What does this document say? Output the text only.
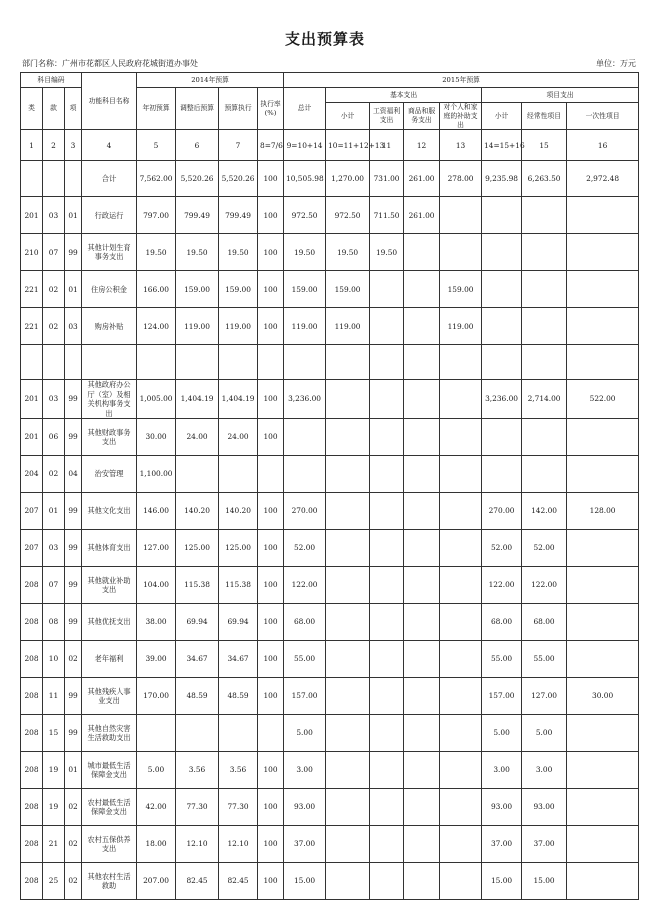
支出预算表
部门名称：广州市花都区人民政府花城街道办事处	单位：万元
科目编码			功能科目名称	2014年预算				2015年预算							
类	款	项		年初预算	调整后预算	预算执行	执行率(%)	总计	基本支出				项目支出		
									小计	工资福利支出	商品和服务支出	对个人和家庭的补助支出	小计	经常性项目	一次性项目
1	2	3	4	5	6	7	8=7/6	9=10+14	10=11+12+13	11	12	13	14=15+16	15	16
			合计	7,562.00	5,520.26	5,520.26	100	10,505.98	1,270.00	731.00	261.00	278.00	9,235.98	6,263.50	2,972.48
201	03	01	行政运行	797.00	799.49	799.49	100	972.50	972.50	711.50	261.00				
210	07	99	其他计划生育事务支出	19.50	19.50	19.50	100	19.50	19.50	19.50					
221	02	01	住房公积金	166.00	159.00	159.00	100	159.00	159.00			159.00			
221	02	03	购房补贴	124.00	119.00	119.00	100	119.00	119.00			119.00			

201	03	99	其他政府办公厅（室）及相关机构事务支出	1,005.00	1,404.19	1,404.19	100	3,236.00					3,236.00	2,714.00	522.00
201	06	99	其他财政事务支出	30.00	24.00	24.00	100								
204	02	04	治安管理	1,100.00											
207	01	99	其他文化支出	146.00	140.20	140.20	100	270.00					270.00	142.00	128.00
207	03	99	其他体育支出	127.00	125.00	125.00	100	52.00					52.00	52.00	
208	07	99	其他就业补助支出	104.00	115.38	115.38	100	122.00					122.00	122.00	
208	08	99	其他优抚支出	38.00	69.94	69.94	100	68.00					68.00	68.00	
208	10	02	老年福利	39.00	34.67	34.67	100	55.00					55.00	55.00	
208	11	99	其他残疾人事业支出	170.00	48.59	48.59	100	157.00					157.00	127.00	30.00
208	15	99	其他自然灾害生活救助支出					5.00					5.00	5.00	
208	19	01	城市最低生活保障金支出	5.00	3.56	3.56	100	3.00					3.00	3.00	
208	19	02	农村最低生活保障金支出	42.00	77.30	77.30	100	93.00					93.00	93.00	
208	21	02	农村五保供养支出	18.00	12.10	12.10	100	37.00					37.00	37.00	
208	25	02	其他农村生活救助	207.00	82.45	82.45	100	15.00					15.00	15.00	
